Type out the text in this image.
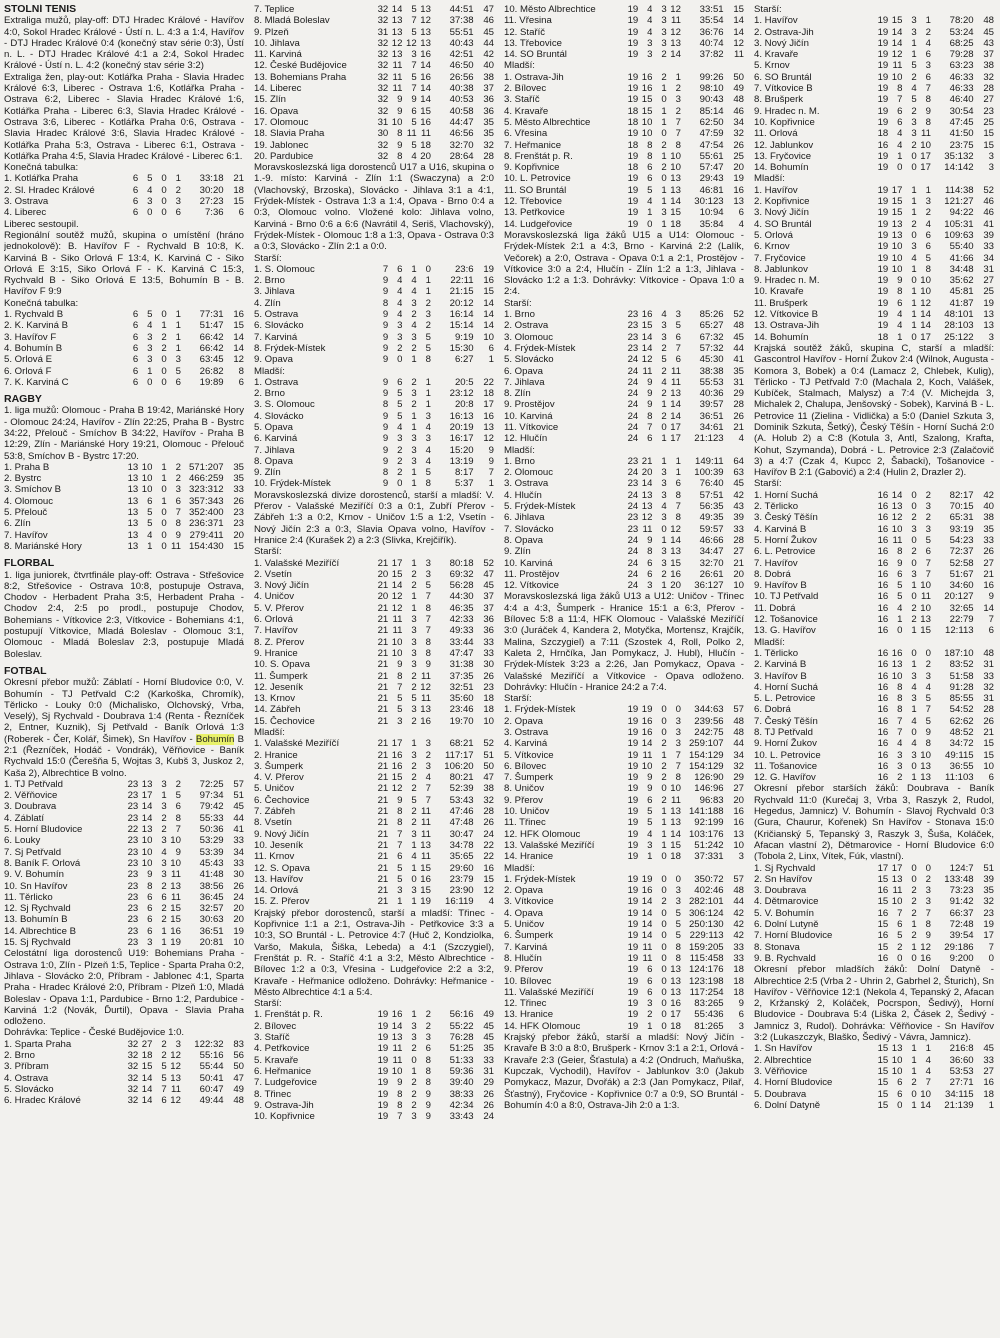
STOLNÍ TENIS

Extraliga mužů, play-off: DTJ Hradec Králové - Havířov 4:0, Sokol Hradec Králové - Ústí n. L. 4:3 a 1:4, Havířov - DTJ Hradec Králové 0:4 (konečný stav série 0:3), Ústí n. L. - DTJ Hradec Králové 4:1 a 2:4, Sokol Hradec Králové - Ústí n. L. 4:2 (konečný stav série 3:2)

Extraliga žen, play-out: Kotlářka Praha - Slavia Hradec Králové 6:3, Liberec - Ostrava 1:6, Kotlářka Praha - Ostrava 6:2, Liberec - Slavia Hradec Králové 1:6, Kotlářka Praha - Liberec 6:3, Slavia Hradec Králové - Ostrava 3:6, Liberec - Kotlářka Praha 0:6, Ostrava - Slavia Hradec Králové 3:6, Slavia Hradec Králové - Kotlářka Praha 5:3, Ostrava - Liberec 6:1, Ostrava - Kotlářka Praha 4:5, Slavia Hradec Králové - Liberec 6:1.

Konečná tabulka:
1. Kotlářka Praha	6	5	0	1	33:18	21
2. Sl. Hradec Králové	6	4	0	2	30:20	18
3. Ostrava	6	3	0	3	27:23	15
4. Liberec	6	0	0	6	7:36	6
Liberec sestoupil.

Regionální soutěž mužů, skupina o umístění (hráno jednokolově): B. Havířov F - Rychvald B 10:8, K. Karviná B - Siko Orlová F 13:4, K. Karviná C - Siko Orlová E 3:15, Siko Orlová F - K. Karviná C 15:3, Rychvald B - Siko Orlová E 13:5, Bohumín B - B. Havířov F 9:9

Konečná tabulka:
1. Rychvald B	6	5	0	1	77:31	16
2. K. Karviná B	6	4	1	1	51:47	15
3. Havířov F	6	3	2	1	66:42	14
4. Bohumín B	6	3	2	1	66:42	14
5. Orlová E	6	3	0	3	63:45	12
6. Orlová F	6	1	0	5	26:82	8
7. K. Karviná C	6	0	0	6	19:89	6
RAGBY

1. liga mužů: Olomouc - Praha B 19:42, Mariánské Hory - Olomouc 24:24, Havířov - Zlín 22:25, Praha B - Bystrc 34:22, Přelouč - Smíchov B 34:22, Havířov - Praha B 12:29, Zlín - Mariánské Hory 19:21, Olomouc - Přelouč 53:8, Smíchov B - Bystrc 17:20.

1. Praha B	13	10	1	2	571:207	35
2. Bystrc	13	10	1	2	466:259	35
3. Smíchov B	13	10	0	3	323:312	33
4. Olomouc	13	6	1	6	357:343	26
5. Přelouč	13	5	0	7	352:400	23
6. Zlín	13	5	0	8	236:371	23
7. Havířov	13	4	0	9	279:411	20
8. Mariánské Hory	13	1	0	11	154:430	15
FLORBAL

1. liga juniorek, čtvrtfinále play-off: Ostrava - Střešovice 8:2, Střešovice - Ostrava 10:8, postupuje Ostrava, Chodov - Herbadent Praha 3:5, Herbadent Praha - Chodov 2:4, 2:5 po prodl., postupuje Chodov, Bohemians - Vítkovice 2:3, Vítkovice - Bohemians 4:1, postupují Vítkovice, Mladá Boleslav - Olomouc 3:1, Olomouc - Mladá Boleslav 2:3, postupuje Mladá Boleslav.

FOTBAL

Okresní přebor mužů: Záblatí - Horní Bludovice 0:0, V. Bohumín - TJ Petřvald C:2 (Karkoška, Chromík), Těrlicko - Louky 0:0 (Michalisko, Olchovský, Vrba, Veselý), Sj Rychvald - Doubrava 1:4 (Renta - Řezníček 2, Entner, Kuznik), Sj Petřvald - Baník Orlová 1:3 (Roberek - Čer, Kolář, Šimek), Sn Havířov - Bohumín B 2:1 (Řezníček, Hodáč - Vondrák), Věřňovice - Baník Rychvald 15:0 (Čerešňa 5, Wojtas 3, Kubš 3, Juskoz 2, Kaša 2), Albrechtice B volno.

1. TJ Petřvald	23	13	3	2	72:25	57
2. Věřňovice	23	17	1	5	97:34	51
3. Doubrava	23	14	3	6	79:42	45
4. Záblatí	23	14	2	8	55:33	44
5. Horní Bludovice	22	13	2	7	50:36	41
6. Louky	23	10	3	10	53:29	33
7. Sj Petřvald	23	10	4	9	53:39	34
8. Baník F. Orlová	23	10	3	10	45:43	33
9. V. Bohumín	23	9	3	11	41:48	30
10. Sn Havířov	23	8	2	13	38:56	26
11. Těrlicko	23	6	6	11	36:45	24
12. Sj Rychvald	23	6	2	15	32:57	20
13. Bohumín B	23	6	2	15	30:63	20
14. Albrechtice B	23	6	1	16	36:51	19
15. Sj Rychvald	23	3	1	19	20:81	10

Celostátní liga dorostenců U19: Bohemians Praha - Ostrava 1:0, Zlín - Plzeň 1:5, Teplice - Sparta Praha 0:2, Jihlava - Slovácko 2:0, Příbram - Jablonec 4:1, Sparta Praha - Hradec Králové 2:0, Příbram - Plzeň 1:0, Mladá Boleslav - Opava 1:1, Pardubice - Brno 1:2, Pardubice - Karviná 1:2 (Novák, Ďurtil), Opava - Slavia Praha odloženo.

Dohrávka: Teplice - České Budějovice 1:0.
1. Sparta Praha	32	27	2	3	122:32	83
2. Brno	32	18	2	12	55:16	56
3. Příbram	32	15	5	12	55:44	50
4. Ostrava	32	14	5	13	50:41	47
5. Slovácko	32	14	7	11	60:47	49
6. Hradec Králové	32	14	6	12	49:44	48
7. Teplice	32	14	5	13	44:51	47
8. Mladá Boleslav	32	13	7	12	37:38	46
9. Plzeň	31	13	5	13	55:51	45
10. Jihlava	32	12	12	13	40:43	44
11. Karviná	32	13	3	16	42:51	42
12. České Budějovice	32	11	7	14	46:50	40
13. Bohemians Praha	32	11	5	16	26:56	38
14. Liberec	32	11	7	14	40:38	37
15. Zlín	32	9	9	14	40:53	36
16. Opava	32	9	6	15	40:58	36
17. Olomouc	31	10	5	16	44:47	35
18. Slavia Praha	30	8	11	11	46:56	35
19. Jablonec	32	9	5	18	32:70	32
20. Pardubice	32	8	4	20	28:64	28

Moravskoslezská liga dorostenců U17 a U16, skupina o 1.-9. místo: Karviná - Zlín 1:1 (Swaczyna) a 2:0 (Vlachovský, Brzoska), Slovácko - Jihlava 3:1 a 4:1, Frýdek-Místek - Ostrava 1:3 a 1:4, Opava - Brno 0:4 a 0:3, Olomouc volno. Vložené kolo: Jihlava volno, Karviná - Brno 0:6 a 6:6 (Navrátil 4, Seriš, Vlachovský), Frýdek-Místek - Olomouc 1:8 a 1:3, Opava - Ostrava 0:3 a 0:3, Slovácko - Zlín 2:1 a 0:0.

Starší:
1. S. Olomouc	7	6	1	0	23:6	19
2. Brno	9	4	4	1	22:11	16
3. Jihlava	9	4	4	1	21:15	15
4. Zlín	8	4	3	2	20:12	14
5. Ostrava	9	4	2	3	16:14	14
6. Slovácko	9	3	4	2	15:14	14
7. Karviná	9	3	3	5	9:19	10
8. Frýdek-Místek	9	2	2	5	15:30	6
9. Opava	9	0	1	8	6:27	1
Mladší:
1. Ostrava	9	6	2	1	20:5	22
2. Brno	9	5	3	1	23:12	18
3. S. Olomouc	8	5	2	1	20:8	17
4. Slovácko	9	5	1	3	16:13	16
5. Opava	9	4	1	4	20:19	13
6. Karviná	9	3	3	3	16:17	12
7. Jihlava	9	2	3	4	15:20	9
8. Opava	9	2	3	4	13:19	9
9. Zlín	8	2	1	5	8:17	7
10. Frýdek-Místek	9	0	1	8	5:37	1

Moravskoslezská divize dorostenců, starší a mladší: V. Přerov - Valašské Meziříčí 0:3 a 0:1, Zubří Přerov - Zábřeh 1:3 a 0:2, Krnov - Uničov 1:5 a 1:2, Vsetín - Nový Jičín 2:3 a 0:3, Slavia Opava volno, Havířov - Hranice 2:4 (Kurašek 2) a 2:3 (Slivka, Krejčiřík).

Starší:
1. Valašské Meziříčí	21	17	1	3	80:18	52
2. Vsetín	20	15	2	3	69:32	47
3. Nový Jičín	21	14	2	5	56:28	45
4. Uničov	20	12	1	7	44:30	37
5. V. Přerov	21	12	1	8	46:35	37
6. Orlová	21	11	3	7	42:33	36
7. Havířov	21	11	3	7	49:33	36
8. Z. Přerov	21	10	3	8	33:44	33
9. Hranice	21	10	3	8	47:47	33
10. S. Opava	21	9	3	9	31:38	30
11. Šumperk	21	8	2	11	37:35	26
12. Jeseník	21	7	2	12	32:51	23
13. Krnov	21	5	5	11	35:60	18
14. Zábřeh	21	5	3	13	23:46	18
15. Čechovice	21	3	2	16	19:70	10
Mladší:
1. Valašské Meziříčí	21	17	1	3	68:21	52
2. Hranice	21	16	3	2	117:17	51
3. Šumperk	21	16	2	3	106:20	50
4. V. Přerov	21	15	2	4	80:21	47
5. Uničov	21	12	2	7	52:39	38
6. Čechovice	21	9	5	7	53:43	32
7. Zábřeh	21	8	2	11	47:46	28
8. Vsetín	21	8	2	11	47:48	26
9. Nový Jičín	21	7	3	11	30:47	24
10. Jeseník	21	7	1	13	34:78	22
11. Krnov	21	6	4	11	35:65	22
12. S. Opava	21	5	1	15	29:60	16
13. Havířov	21	5	0	16	23:79	15
14. Orlová	21	3	3	15	23:90	12
15. Z. Přerov	21	1	1	19	16:119	4

Krajský přebor dorostenců, starší a mladší: Třinec - Kopřivnice 1:1 a 2:1, Ostrava-Jih - Petřkovice 3:3 a 10:3, SO Bruntál - L. Petrovice 4:7 (Huč 2, Kondziolka, Varšo, Makula, Šiška, Lebeda) a 4:1 (Szczygiel), Frenštát p. R. - Staříč 4:1 a 3:2, Město Albrechtice - Bílovec 1:2 a 0:3, Vřesina - Ludgeřovice 2:2 a 3:2, Kravaře - Heřmanice odloženo. Dohrávky: Heřmanice - Město Albrechtice 4:1 a 5:4.

Starší:
1. Frenštát p. R.	19	16	1	2	56:16	49
2. Bílovec	19	14	3	2	55:22	45
3. Staříč	19	13	3	3	76:28	45
4. Petřkovice	19	11	2	6	51:25	35
5. Kravaře	19	11	0	8	51:33	33
6. Heřmanice	19	10	1	8	59:36	31
7. Ludgeřovice	19	9	2	8	39:40	29
8. Třinec	19	8	2	9	38:33	26
9. Ostrava-Jih	19	8	2	9	42:34	26
10. Kopřivnice	19	7	3	9	33:43	24
10. Město Albrechtice	19	4	3	12	33:51	15
11. Vřesina	19	4	3	11	35:54	14
12. Staříč	19	4	3	12	36:76	14
13. Třebovice	19	3	3	13	40:74	12
14. SO Bruntál	19	3	2	14	37:82	11
Mladší:
1. Ostrava-Jih	19	16	2	1	99:26	50
2. Bílovec	19	16	1	2	98:10	49
3. Staříč	19	15	0	3	90:43	48
4. Kravaře	18	15	1	2	85:14	46
5. Město Albrechtice	18	10	1	7	62:50	34
6. Vřesina	19	10	0	7	47:59	32
7. Heřmanice	18	8	2	8	47:54	26
8. Frenštát p. R.	19	8	1	10	55:61	25
9. Kopřivnice	18	6	2	10	57:47	20
10. L. Petrovice	19	6	0	13	29:43	19
11. SO Bruntál	19	5	1	13	46:81	16
12. Třebovice	19	4	1	14	30:123	13
13. Petřkovice	19	1	3	15	10:94	6
14. Ludgeřovice	19	0	1	18	35:84	4

Moravskoslezská liga žáků U15 a U14: Olomouc - Frýdek-Místek 2:1 a 4:3, Brno - Karviná 2:2 (Lalík, Večorek) a 2:0, Ostrava - Opava 0:1 a 2:1, Prostějov - Vítkovice 3:0 a 2:4, Hlučín - Zlín 1:2 a 1:3, Jihlava - Slovácko 1:2 a 1:3. Dohrávky: Vítkovice - Opava 1:0 a 2:4.

Starší:
1. Brno	23	16	4	3	85:26	52
2. Ostrava	23	15	3	5	65:27	48
3. Olomouc	23	14	3	6	67:32	45
4. Frýdek-Místek	23	14	2	7	57:32	44
5. Slovácko	24	12	5	6	45:30	41
6. Opava	24	11	2	11	38:38	35
7. Jihlava	24	9	4	11	55:53	31
8. Zlín	24	9	2	13	40:36	29
9. Prostějov	24	9	1	14	39:57	28
10. Karviná	24	8	2	14	36:51	26
11. Vítkovice	24	7	0	17	34:61	21
12. Hlučín	24	6	1	17	21:123	4
Mladší:
1. Brno	23	21	1	1	149:11	64
2. Olomouc	24	20	3	1	100:39	63
3. Ostrava	23	14	3	6	76:40	45
4. Hlučín	24	13	3	8	57:51	42
5. Frýdek-Místek	24	13	4	7	56:35	43
6. Jihlava	23	12	3	8	49:35	39
7. Slovácko	23	11	0	12	59:57	33
8. Opava	24	9	1	14	46:66	28
9. Zlín	24	8	3	13	34:47	27
10. Karviná	24	6	3	15	32:70	21
11. Prostějov	24	6	2	16	26:61	20
12. Vítkovice	24	3	1	20	36:127	10

Moravskoslezská liga žáků U13 a U12: Uničov - Třinec 4:4 a 4:3, Šumperk - Hranice 15:1 a 6:3, Přerov - Bílovec 5:8 a 11:4, HFK Olomouc - Valašské Meziříčí 3:0 (Juráček 4, Kandera 2, Motyčka, Mortensz, Krajčík, Malina, Szczygiel) a 7:11 (Szostek 4, Roll, Polko 2, Kaleta 2, Hrnčíka, Jan Pomykacz, J. Hubl), Hlučín - Frýdek-Místek 3:23 a 2:26, Jan Pomykacz, Opava - Valašské Meziříčí a Vítkovice - Opava odloženo. Dohrávky: Hlučín - Hranice 24:2 a 7:4.

Starší:
1. Frýdek-Místek	19	19	0	0	344:63	57
2. Opava	19	16	0	3	239:56	48
3. Ostrava	19	16	0	3	242:75	48
4. Karviná	19	14	2	3	259:107	44
5. Vítkovice	19	11	1	7	154:129	34
6. Bílovec	19	10	2	7	154:129	32
7. Šumperk	19	9	2	8	126:90	29
8. Uničov	19	9	0	10	146:96	27
9. Přerov	19	6	2	11	96:83	20
10. Uničov	19	5	1	13	141:188	16
11. Třinec	19	5	1	13	92:199	16
12. HFK Olomouc	19	4	1	14	103:176	13
13. Valašské Meziříčí	19	3	1	15	51:242	10
14. Hranice	19	1	0	18	37:331	3
Mladší:
1. Frýdek-Místek	19	19	0	0	350:72	57
2. Opava	19	16	0	3	402:46	48
3. Vítkovice	19	14	2	3	282:101	44
4. Opava	19	14	0	5	306:124	42
5. Uničov	19	14	0	5	250:130	42
6. Šumperk	19	14	0	5	229:113	42
7. Karviná	19	11	0	8	159:205	33
8. Hlučín	19	11	0	8	115:458	33
9. Přerov	19	6	0	13	124:176	18
10. Bílovec	19	6	0	13	123:198	18
11. Valašské Meziříčí	19	6	0	13	117:254	18
12. Třinec	19	3	0	16	83:265	9
13. Hranice	19	2	0	17	55:436	6
14. HFK Olomouc	19	1	0	18	81:265	3

Krajský přebor žáků, starší a mladší: Nový Jičín - Kravaře B 3:0 a 8:0, Brušperk - Krnov 3:1 a 2:1, Orlová - Kravaře 2:3 (Geier, Šťastula) a 4:2 (Ondruch, Maňuška, Kupczak, Vychodil), Havířov - Jablunkov 3:0 (Jakub Pomykacz, Mazur, Dvořák) a 2:3 (Jan Pomykacz, Pilař, Šťastný), Fryčovice - Kopřivnice 0:7 a 0:9, SO Bruntál - Bohumín 4:0 a 8:0, Ostrava-Jih 2:0 a 1:3.

Starší:
1. Havířov	19	15	3	1	78:20	48
2. Ostrava-Jih	19	14	3	2	53:24	45
3. Nový Jičín	19	14	1	4	68:25	43
4. Kravaře	19	12	1	6	79:28	37
5. Krnov	19	11	5	3	63:23	38
6. SO Bruntál	19	10	2	6	46:33	32
7. Vítkovice B	19	8	4	7	46:33	28
8. Brušperk	19	7	5	8	46:40	27
9. Hradec n. M.	19	6	2	9	30:54	23
10. Kopřivnice	19	6	3	8	47:45	25
11. Orlová	18	4	3	11	41:50	15
12. Jablunkov	16	4	2	10	23:75	15
13. Fryčovice	19	1	0	17	35:132	3
14. Bohumín	19	0	0	17	14:142	3
Mladší:
1. Havířov	19	17	1	1	114:38	52
2. Kopřivnice	19	15	1	3	121:27	46
3. Nový Jičín	19	15	1	2	94:22	46
4. SO Bruntál	19	13	2	4	105:31	41
5. Orlová	19	13	0	6	109:63	39
6. Krnov	19	10	3	6	55:40	33
7. Fryčovice	19	10	4	5	41:66	34
8. Jablunkov	19	10	1	8	34:48	31
9. Hradec n. M.	19	9	0	10	35:62	27
10. Kravaře	19	8	1	10	45:81	25
11. Brušperk	19	6	1	12	41:87	19
12. Vítkovice B	19	4	1	14	48:101	13
13. Ostrava-Jih	19	4	1	14	28:103	13
14. Bohumín	18	1	0	17	25:122	3

Krajská soutěž žáků, skupina C, starší a mladší: Gascontrol Havířov - Horní Žukov 2:4 (Wilnok, Augusta - Komora 3, Bobek) a 0:4 (Lamacz 2, Chlebek, Kulig), Těrlicko - TJ Petřvald 7:0 (Machala 2, Koch, Valášek, Kubíček, Stalmach, Malysz) a 7:4 (V. Michejda 3, Michalek 2, Chalupa, Jenšovský - Sobek), Karviná B - L. Petrovice 11 (Zielina - Vidlička) a 5:0 (Daniel Szkuta 3, Dominik Szkuta, Šetký), Český Těšín - Horní Suchá 2:0 (A. Holub 2) a C:8 (Kotula 3, Antl, Szalong, Krafta, Kohut, Szymanda), Dobrá - L. Petrovice 2:3 (Zalačovič 3) a 4:7 (Czak 4, Kupcc 2, Šabacki), Tošanovice - Havířov B 2:1 (Gabović) a 2:4 (Hulin 2, Drazler 2).

Starší:
1. Horní Suchá	16	14	0	2	82:17	42
2. Těrlicko	16	13	0	3	70:15	40
3. Český Těšín	16	12	2	2	65:31	38
4. Karviná B	16	10	3	3	93:19	35
5. Horní Žukov	16	11	0	5	54:23	33
6. L. Petrovice	16	8	2	6	72:37	26
7. Havířov	16	9	0	7	52:58	27
8. Dobrá	16	6	3	7	51:67	21
9. Havířov B	16	5	1	10	34:60	16
10. TJ Petřvald	16	5	0	11	20:127	9
11. Dobrá	16	4	2	10	32:65	14
12. Tošanovice	16	1	2	13	22:79	7
13. G. Havířov	16	0	1	15	12:113	6
Mladší:
1. Těrlicko	16	16	0	0	187:10	48
2. Karviná B	16	13	1	2	83:52	31
3. Havířov B	16	10	3	3	51:58	33
4. Horní Suchá	16	8	4	4	91:28	32
5. L. Petrovice	16	8	3	5	85:55	31
6. Dobrá	16	8	1	7	54:52	28
7. Český Těšín	16	7	4	5	62:62	26
8. TJ Petřvald	16	7	0	9	48:52	21
9. Horní Žukov	16	4	4	8	34:72	15
10. L. Petrovice	16	3	3	10	49:115	15
11. Tošanovice	16	3	0	13	36:55	10
12. G. Havířov	16	2	1	13	11:103	6

Okresní přebor starších žáků: Doubrava - Baník Rychvald 11:0 (Kurečaj 3, Vrba 3, Raszyk 2, Rudol, Hegedus, Jamnicz) V. Bohumín - Slavoj Rychvald 0:3 (Gura, Chaurur, Kořenek) Sn Havířov - Stonava 15:0 (Kričianský 5, Tepanský 3, Raszyk 3, Šuša, Koláček, Afacan vlastní 2), Dětmarovice - Horní Bludovice 6:0 (Tobola 2, Linx, Vítek, Fúk, vlastní).

1. Sj Rychvald	17	17	0	0	124:7	51
2. Sn Havířov	15	13	0	2	133:48	39
3. Doubrava	16	11	2	3	73:23	35
4. Dětmarovice	15	10	2	3	91:42	32
5. V. Bohumín	16	7	2	7	66:37	23
6. Dolní Lutyně	15	6	1	8	72:48	19
7. Horní Bludovice	16	5	2	9	39:54	17
8. Stonava	15	2	1	12	29:186	7
9. B. Rychvald	16	0	0	16	9:200	0

Okresní přebor mladších žáků: Dolní Datyně - Albrechtice 2:5 (Vrba 2 - Uhrin 2, Gabrhel 2, Šturich), Sn Havířov - Věřňovice 12:1 (Nekola 4, Tepanský 2, Afacan 2, Kržanský 2, Koláček, Pocrspon, Šedivý), Horní Bludovice - Doubrava 5:4 (Liška 2, Čásek 2, Šedivý - Jamnicz 3, Rudol). Dohrávka: Věřňovice - Sn Havířov 3:2 (Lukaszczyk, Blaško, Šedivý - Vávra, Jamnicz).

1. Sn Havířov	15	13	1	1	216:8	45
2. Albrechtice	15	10	1	4	36:60	33
3. Věřňovice	15	10	1	4	53:53	27
4. Horní Bludovice	15	6	2	7	27:71	16
5. Doubrava	15	6	0	10	34:115	18
6. Dolní Datyně	15	0	1	14	21:139	1
